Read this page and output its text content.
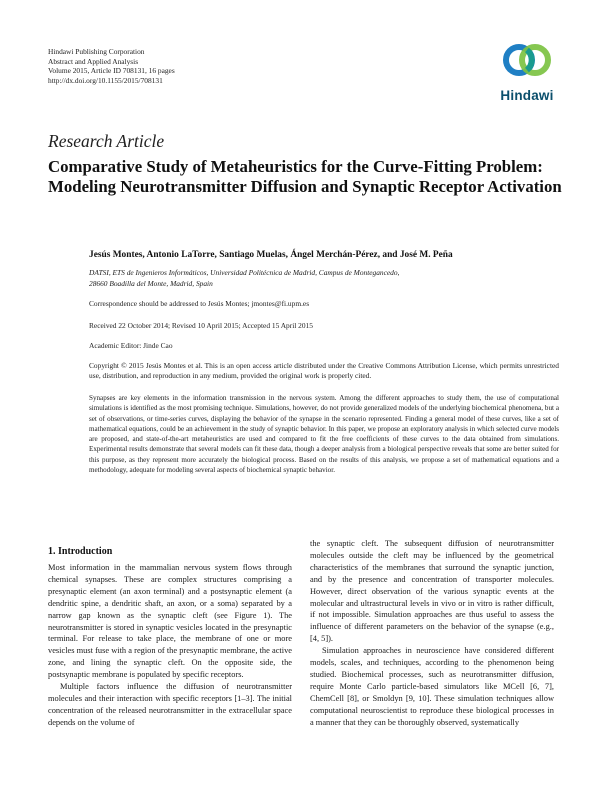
Hindawi Publishing Corporation
Abstract and Applied Analysis
Volume 2015, Article ID 708131, 16 pages
http://dx.doi.org/10.1155/2015/708131
Hindawi
Research Article
Comparative Study of Metaheuristics for the Curve-Fitting Problem: Modeling Neurotransmitter Diffusion and Synaptic Receptor Activation
Jesús Montes, Antonio LaTorre, Santiago Muelas, Ángel Merchán-Pérez, and José M. Peña
DATSI, ETS de Ingenieros Informáticos, Universidad Politécnica de Madrid, Campus de Montegancedo,
28660 Boadilla del Monte, Madrid, Spain
Correspondence should be addressed to Jesús Montes; jmontes@fi.upm.es
Received 22 October 2014; Revised 10 April 2015; Accepted 15 April 2015
Academic Editor: Jinde Cao
Copyright © 2015 Jesús Montes et al. This is an open access article distributed under the Creative Commons Attribution License, which permits unrestricted use, distribution, and reproduction in any medium, provided the original work is properly cited.
Synapses are key elements in the information transmission in the nervous system. Among the different approaches to study them, the use of computational simulations is identified as the most promising technique. Simulations, however, do not provide generalized models of the underlying biochemical phenomena, but a set of observations, or time-series curves, displaying the behavior of the synapse in the scenario represented. Finding a general model of these curves, like a set of mathematical equations, could be an achievement in the study of synaptic behavior. In this paper, we propose an exploratory analysis in which selected curve models are proposed, and state-of-the-art metaheuristics are used and compared to fit the free coefficients of these curves to the data obtained from simulations. Experimental results demonstrate that several models can fit these data, though a deeper analysis from a biological perspective reveals that some are better suited for this purpose, as they represent more accurately the biological process. Based on the results of this analysis, we propose a set of mathematical equations and a methodology, adequate for modeling several aspects of biochemical synaptic behavior.
1. Introduction

Most information in the mammalian nervous system flows through chemical synapses. These are complex structures comprising a presynaptic element (an axon terminal) and a postsynaptic element (a dendritic spine, a dendritic shaft, an axon, or a soma) separated by a narrow gap known as the synaptic cleft (see Figure 1). The neurotransmitter is stored in synaptic vesicles located in the presynaptic terminal. For release to take place, the membrane of one or more vesicles must fuse with a region of the presynaptic membrane, the active zone, and lining the synaptic cleft. On the opposite side, the postsynaptic membrane is populated by specific receptors.

Multiple factors influence the diffusion of neurotransmitter molecules and their interaction with specific receptors [1–3]. The initial concentration of the released neurotransmitter in the extracellular space depends on the volume of

the synaptic cleft. The subsequent diffusion of neurotransmitter molecules outside the cleft may be influenced by the geometrical characteristics of the membranes that surround the synaptic junction, and by the presence and concentration of transporter molecules. However, direct observation of the various synaptic events at the molecular and ultrastructural levels in vivo or in vitro is rather difficult, if not impossible. Simulation approaches are thus useful to assess the influence of different parameters on the behavior of the synapse (e.g., [4, 5]).

Simulation approaches in neuroscience have considered different models, scales, and techniques, according to the phenomenon being studied. Biochemical processes, such as neurotransmitter diffusion, require Monte Carlo particle-based simulators like MCell [6, 7], ChemCell [8], or Smoldyn [9, 10]. These simulation techniques allow computational neuroscientist to reproduce these biological processes in a manner that they can be thoroughly observed, systematically
